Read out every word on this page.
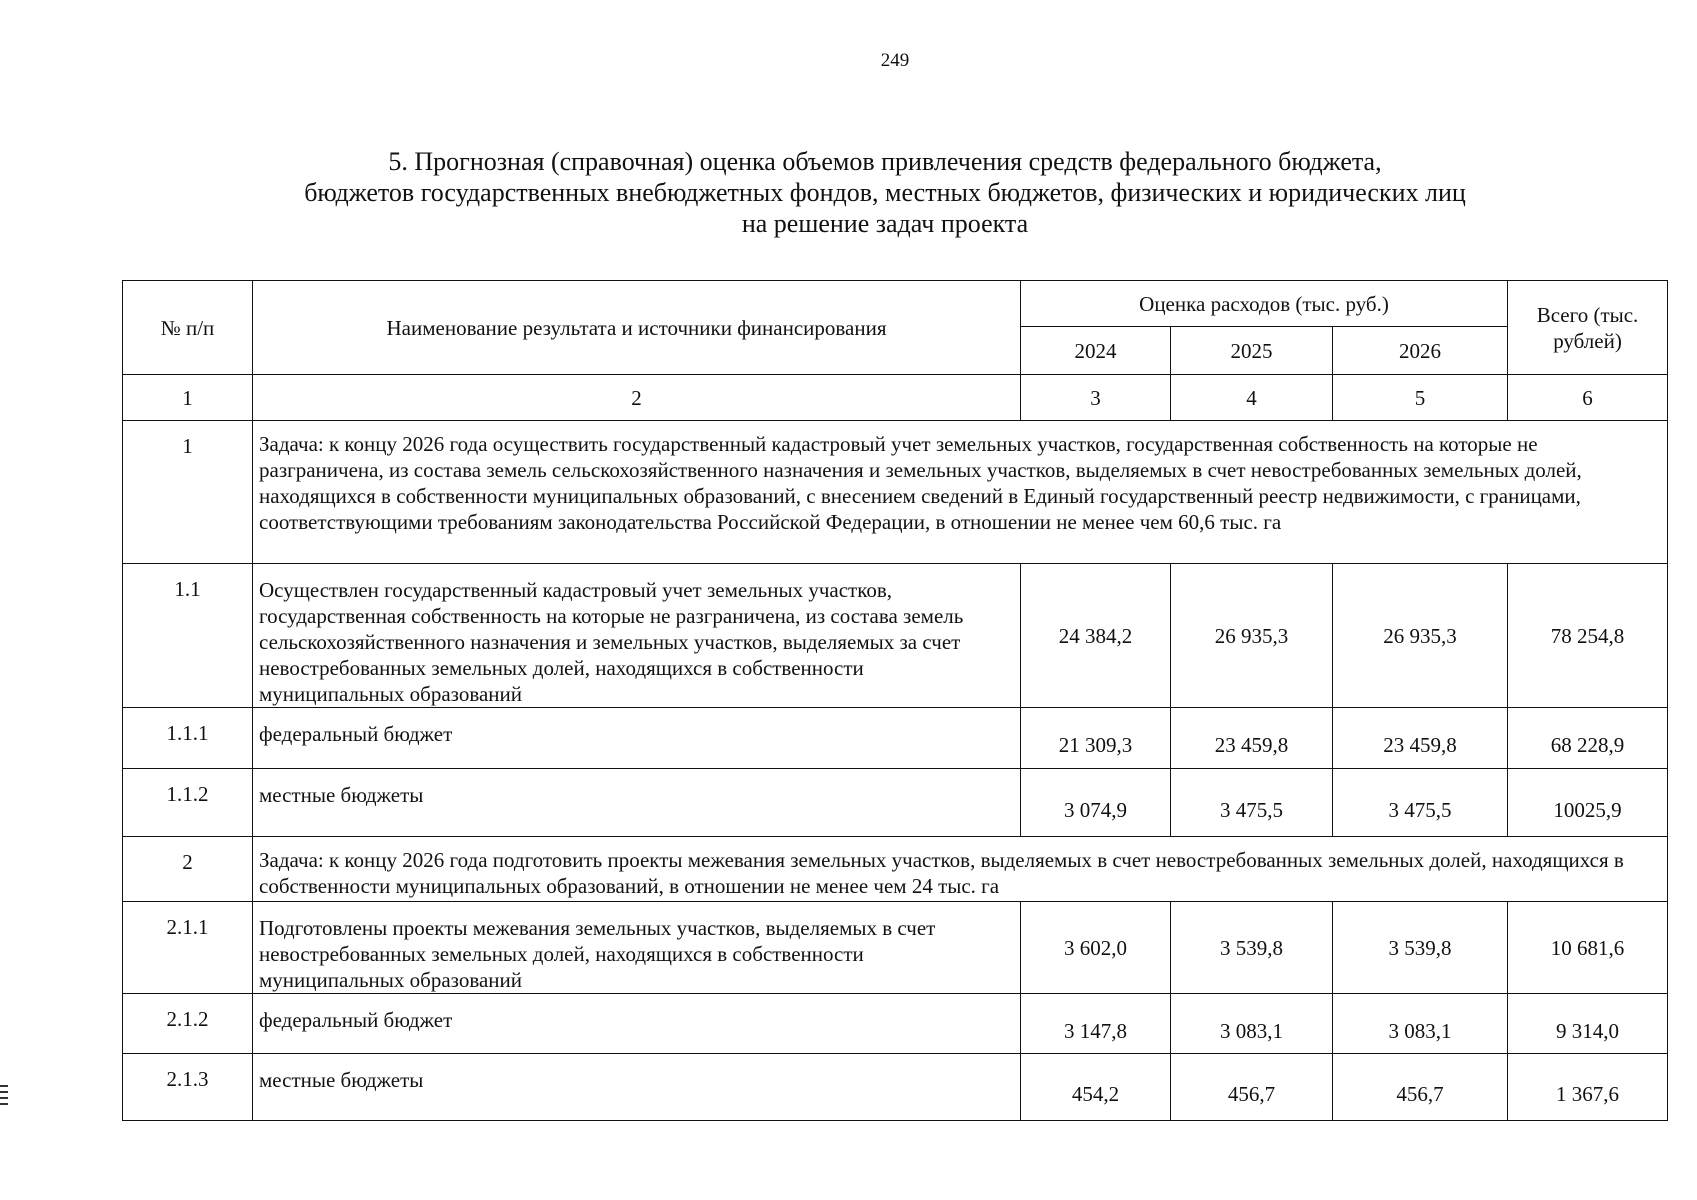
249
5. Прогнозная (справочная) оценка объемов привлечения средств федерального бюджета,
бюджетов государственных внебюджетных фондов, местных бюджетов, физических и юридических лиц
на решение задач проекта
№ п/п	Наименование результата и источники финансирования	Оценка расходов (тыс. руб.)			Всего (тыс. рублей)
		2024	2025	2026	
1	2	3	4	5	6
1	Задача: к концу 2026 года осуществить государственный кадастровый учет земельных участков, государственная собственность на которые не разграничена, из состава земель сельскохозяйственного назначения и земельных участков, выделяемых в счет невостребованных земельных долей, находящихся в собственности муниципальных образований, с внесением сведений в Единый государственный реестр недвижимости, с границами, соответствующими требованиям законодательства Российской Федерации, в отношении не менее чем 60,6 тыс. га				
1.1	Осуществлен государственный кадастровый учет земельных участков, государственная собственность на которые не разграничена, из состава земель сельскохозяйственного назначения и земельных участков, выделяемых за счет невостребованных земельных долей, находящихся в собственности муниципальных образований	24 384,2	26 935,3	26 935,3	78 254,8
1.1.1	федеральный бюджет	21 309,3	23 459,8	23 459,8	68 228,9
1.1.2	местные бюджеты	3 074,9	3 475,5	3 475,5	10025,9
2	Задача: к концу 2026 года подготовить проекты межевания земельных участков, выделяемых в счет невостребованных земельных долей, находящихся в собственности муниципальных образований, в отношении не менее чем 24 тыс. га				
2.1.1	Подготовлены проекты межевания земельных участков, выделяемых в счет невостребованных земельных долей, находящихся в собственности муниципальных образований	3 602,0	3 539,8	3 539,8	10 681,6
2.1.2	федеральный бюджет	3 147,8	3 083,1	3 083,1	9 314,0
2.1.3	местные бюджеты	454,2	456,7	456,7	1 367,6
